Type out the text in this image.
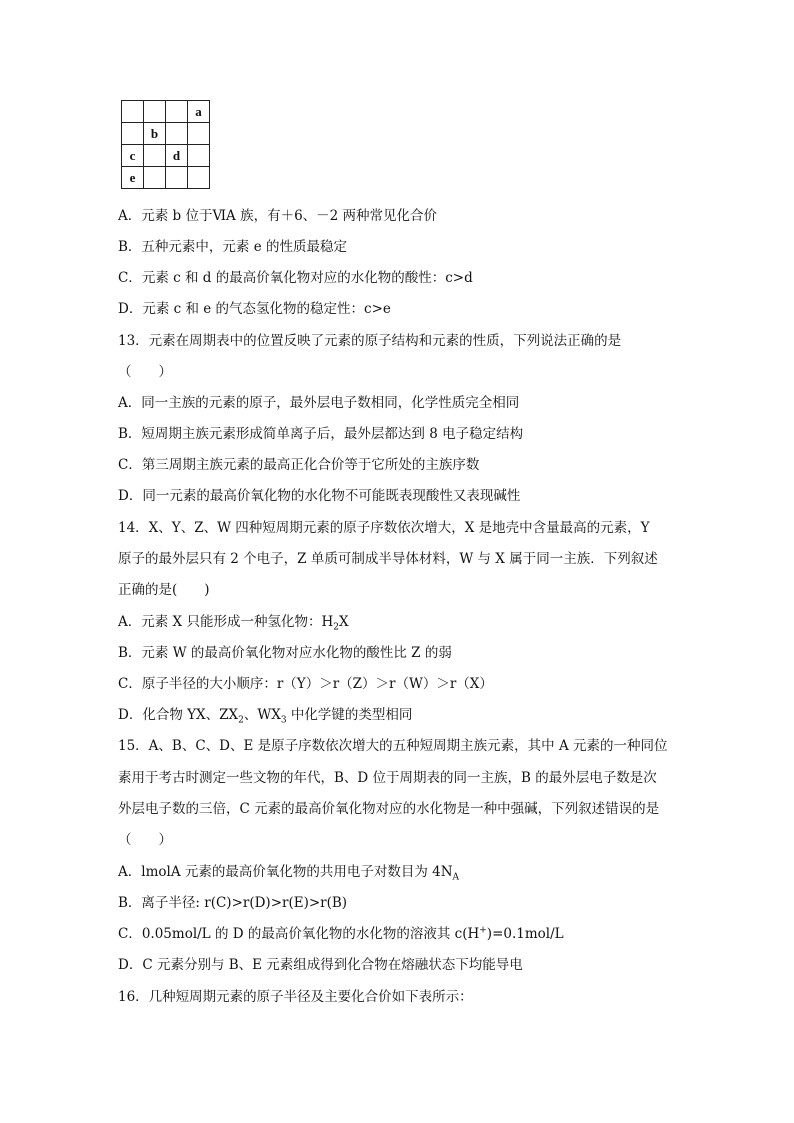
			a
	b		
c		d	
e			
A．元素 b 位于ⅥA 族，有＋6、－2 两种常见化合价
B．五种元素中，元素 e 的性质最稳定
C．元素 c 和 d 的最高价氧化物对应的水化物的酸性：c>d
D．元素 c 和 e 的气态氢化物的稳定性：c>e
13．元素在周期表中的位置反映了元素的原子结构和元素的性质，下列说法正确的是
（　　）
A．同一主族的元素的原子，最外层电子数相同，化学性质完全相同
B．短周期主族元素形成简单离子后，最外层都达到 8 电子稳定结构
C．第三周期主族元素的最高正化合价等于它所处的主族序数
D．同一元素的最高价氧化物的水化物不可能既表现酸性又表现碱性
14．X、Y、Z、W 四种短周期元素的原子序数依次增大，X 是地壳中含量最高的元素，Y
原子的最外层只有 2 个电子，Z 单质可制成半导体材料，W 与 X 属于同一主族．下列叙述
正确的是(　　)
A．元素 X 只能形成一种氢化物：$H_2X$
B．元素 W 的最高价氧化物对应水化物的酸性比 Z 的弱
C．原子半径的大小顺序：r（Y）＞r（Z）＞r（W）＞r（X）
D．化合物 YX、$ZX_2$、$WX_3$ 中化学键的类型相同
15．A、B、C、D、E 是原子序数依次增大的五种短周期主族元素，其中 A 元素的一种同位
素用于考古时测定一些文物的年代，B、D 位于周期表的同一主族，B 的最外层电子数是次
外层电子数的三倍，C 元素的最高价氧化物对应的水化物是一种中强碱，下列叙述错误的是
（　　）
A．lmolA 元素的最高价氧化物的共用电子对数目为 $4N_A$
B．离子半径: r(C)>r(D)>r(E)>r(B)
C．0.05mol/L 的 D 的最高价氧化物的水化物的溶液其 c(H+)=0.1mol/L
D．C 元素分别与 B、E 元素组成得到化合物在熔融状态下均能导电
16．几种短周期元素的原子半径及主要化合价如下表所示：
